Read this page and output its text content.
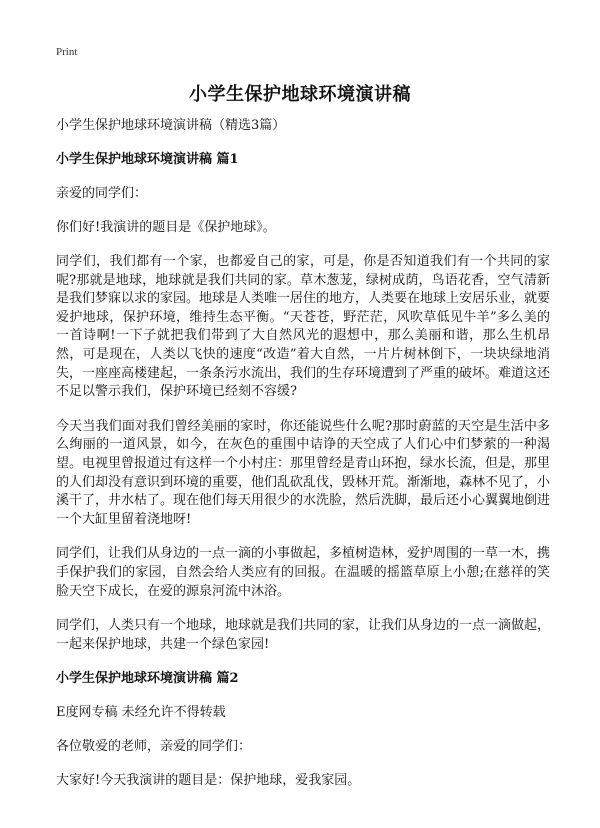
Print
小学生保护地球环境演讲稿

小学生保护地球环境演讲稿（精选3篇）

小学生保护地球环境演讲稿 篇1

亲爱的同学们：

你们好!我演讲的题目是《保护地球》。

同学们，我们都有一个家，也都爱自己的家，可是，你是否知道我们有一个共同的家呢?那就是地球，地球就是我们共同的家。草木葱茏，绿树成荫，鸟语花香，空气清新是我们梦寐以求的家园。地球是人类唯一居住的地方，人类要在地球上安居乐业，就要爱护地球，保护环境，维持生态平衡。“天苍苍，野茫茫，风吹草低见牛羊”多么美的一首诗啊!一下子就把我们带到了大自然风光的遐想中，那么美丽和谐，那么生机昂然，可是现在，人类以飞快的速度“改造”着大自然，一片片树林倒下，一块块绿地消失，一座座高楼建起，一条条污水流出，我们的生存环境遭到了严重的破坏。难道这还不足以警示我们，保护环境已经刻不容缓?

今天当我们面对我们曾经美丽的家时，你还能说些什么呢?那时蔚蓝的天空是生活中多么绚丽的一道风景，如今，在灰色的重围中诘诤的天空成了人们心中们梦萦的一种渴望。电视里曾报道过有这样一个小村庄：那里曾经是青山环抱，绿水长流，但是，那里的人们却没有意识到环境的重要，他们乱砍乱伐，毁林开荒。渐渐地，森林不见了，小溪干了，井水枯了。现在他们每天用很少的水洗脸，然后洗脚，最后还小心翼翼地倒进一个大缸里留着浇地呀!

同学们，让我们从身边的一点一滴的小事做起，多植树造林，爱护周围的一草一木，携手保护我们的家园，自然会给人类应有的回报。在温暖的摇篮草原上小憩;在慈祥的笑脸天空下成长，在爱的源泉河流中沐浴。

同学们，人类只有一个地球，地球就是我们共同的家，让我们从身边的一点一滴做起，一起来保护地球，共建一个绿色家园!

小学生保护地球环境演讲稿 篇2

E度网专稿 未经允许不得转载

各位敬爱的老师，亲爱的同学们：

大家好!今天我演讲的题目是：保护地球，爱我家园。
